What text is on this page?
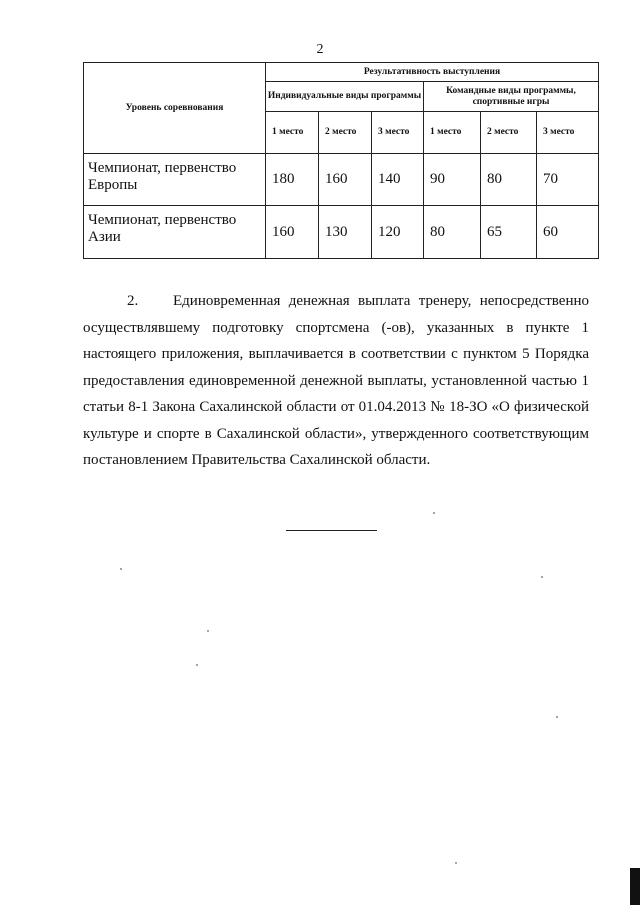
2
Уровень соревнования	Результативность выступления					
	Индивидуальные виды программы			Командные виды программы, спортивные игры		
	1 место	2 место	3 место	1 место	2 место	3 место
Чемпионат, первенство Европы	180	160	140	90	80	70
Чемпионат, первенство Азии	160	130	120	80	65	60

2. Единовременная денежная выплата тренеру, непосредственно осуществлявшему подготовку спортсмена (-ов), указанных в пункте 1 настоящего приложения, выплачивается в соответствии с пунктом 5 Порядка предоставления единовременной денежной выплаты, установленной частью 1 статьи 8-1 Закона Сахалинской области от 01.04.2013 № 18-ЗО «О физической культуре и спорте в Сахалинской области», утвержденного соответствующим постановлением Правительства Сахалинской области.
